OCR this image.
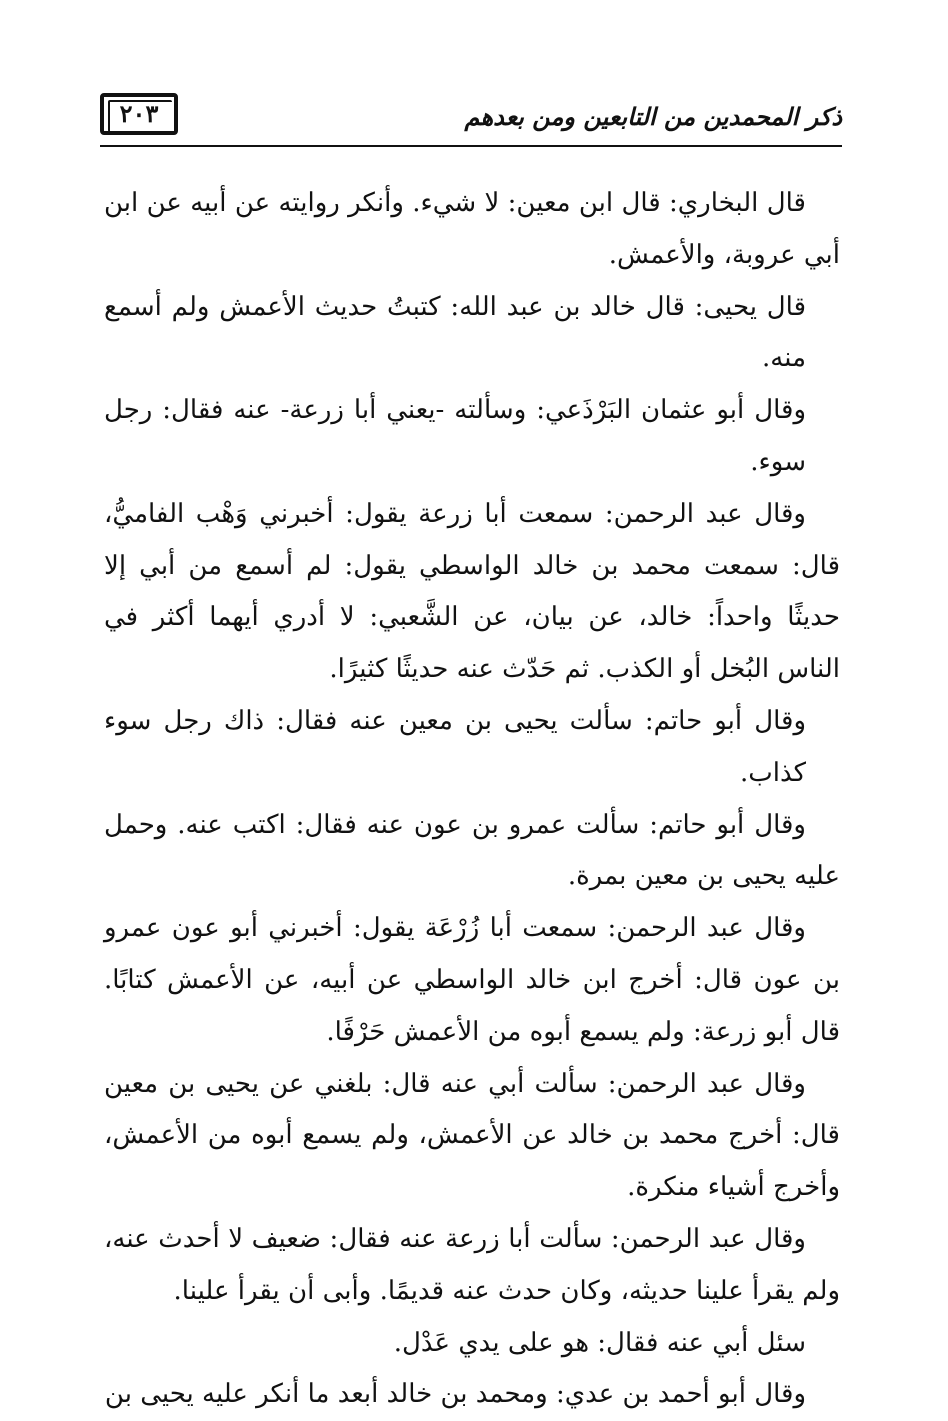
٢٠٣	ذكر المحمدين من التابعين ومن بعدهم

قال البخاري: قال ابن معين: لا شيء. وأنكر روايته عن أبيه عن ابن أبي عروبة، والأعمش.

قال يحيى: قال خالد بن عبد الله: كتبتُ حديث الأعمش ولم أسمع منه.

وقال أبو عثمان البَرْذَعي: وسألته -يعني أبا زرعة- عنه فقال: رجل سوء.

وقال عبد الرحمن: سمعت أبا زرعة يقول: أخبرني وَهْب الفاميُّ، قال: سمعت محمد بن خالد الواسطي يقول: لم أسمع من أبي إلا حديثًا واحداً: خالد، عن بيان، عن الشَّعبي: لا أدري أيهما أكثر في الناس البُخل أو الكذب. ثم حَدّث عنه حديثًا كثيرًا.

وقال أبو حاتم: سألت يحيى بن معين عنه فقال: ذاك رجل سوء كذاب.

وقال أبو حاتم: سألت عمرو بن عون عنه فقال: اكتب عنه. وحمل عليه يحيى بن معين بمرة.

وقال عبد الرحمن: سمعت أبا زُرْعَة يقول: أخبرني أبو عون عمرو بن عون قال: أخرج ابن خالد الواسطي عن أبيه، عن الأعمش كتابًا. قال أبو زرعة: ولم يسمع أبوه من الأعمش حَرْفًا.

وقال عبد الرحمن: سألت أبي عنه قال: بلغني عن يحيى بن معين قال: أخرج محمد بن خالد عن الأعمش، ولم يسمع أبوه من الأعمش، وأخرج أشياء منكرة.

وقال عبد الرحمن: سألت أبا زرعة عنه فقال: ضعيف لا أحدث عنه، ولم يقرأ علينا حديثه، وكان حدث عنه قديمًا. وأبى أن يقرأ علينا.

سئل أبي عنه فقال: هو على يدي عَدْل.

وقال أبو أحمد بن عدي: ومحمد بن خالد أبعد ما أنكر عليه يحيى بن
